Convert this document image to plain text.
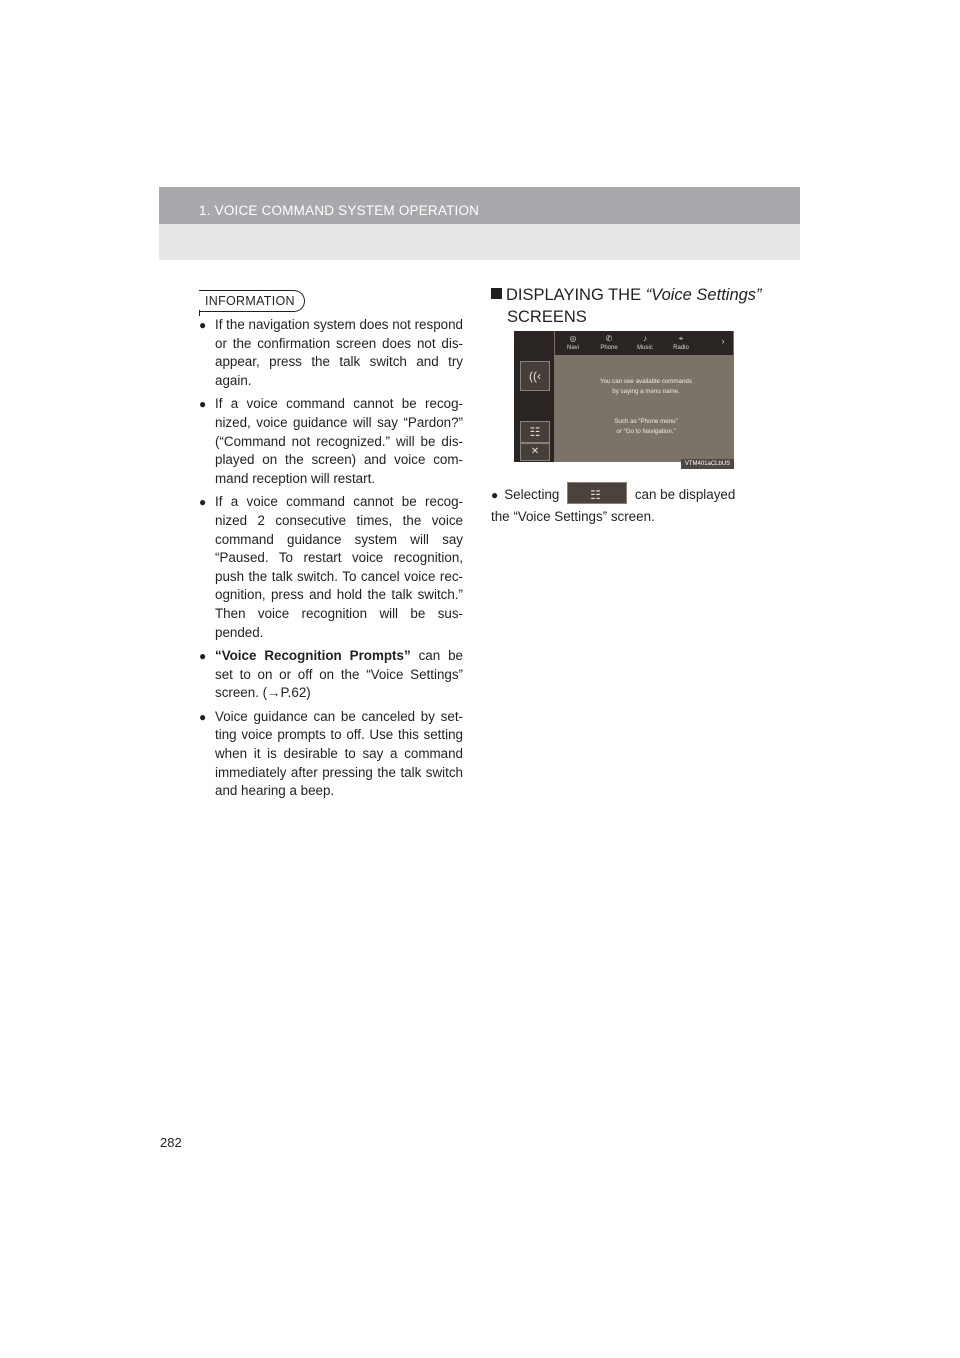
1. VOICE COMMAND SYSTEM OPERATION
INFORMATION
● If the navigation system does not respond or the confirmation screen does not dis-appear, press the talk switch and try again.
● If a voice command cannot be recog-nized, voice guidance will say “Pardon?” (“Command not recognized.” will be dis-played on the screen) and voice com-mand reception will restart.
● If a voice command cannot be recog-nized 2 consecutive times, the voice command guidance system will say “Paused. To restart voice recognition, push the talk switch. To cancel voice rec-ognition, press and hold the talk switch.” Then voice recognition will be sus-pended.
● “Voice Recognition Prompts” can be set to on or off on the “Voice Settings” screen. (→P.62)
● Voice guidance can be canceled by set-ting voice prompts to off. Use this setting when it is desirable to say a command immediately after pressing the talk switch and hearing a beep.
DISPLAYING THE “Voice Settings”
SCREENS
((‹
☷
✕
◎
Navi
✆
Phone
♪
Music
⌖
Radio
›
You can see available commands
by saying a menu name.
Such as “Phone menu”
or “Go to Navigation.”
VTM401aCLbUS
● Selecting	☷	can be displayed the “Voice Settings” screen.
282
